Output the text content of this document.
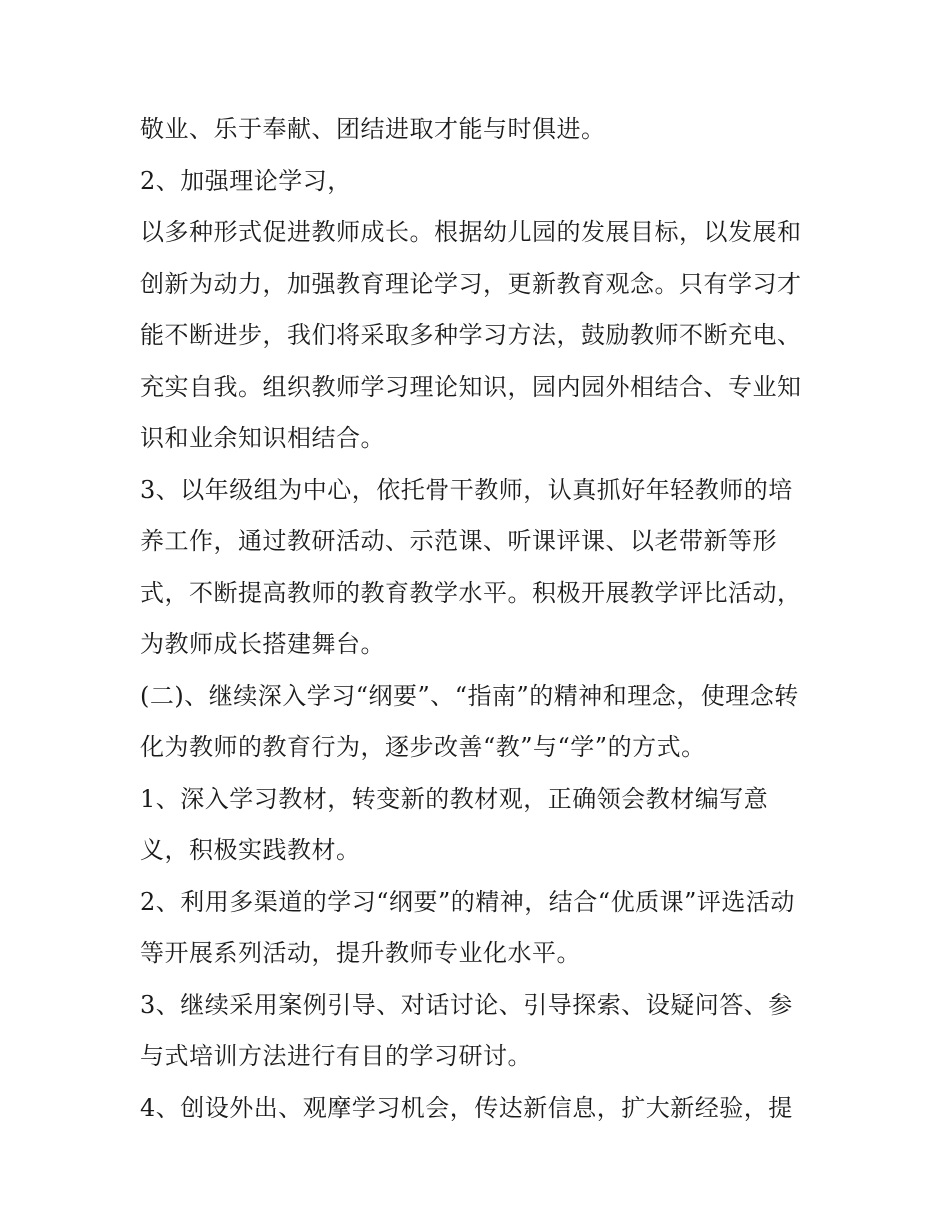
敬业、乐于奉献、团结进取才能与时俱进。
2、加强理论学习，
以多种形式促进教师成长。根据幼儿园的发展目标，以发展和
创新为动力，加强教育理论学习，更新教育观念。只有学习才
能不断进步，我们将采取多种学习方法，鼓励教师不断充电、
充实自我。组织教师学习理论知识，园内园外相结合、专业知
识和业余知识相结合。
3、以年级组为中心，依托骨干教师，认真抓好年轻教师的培
养工作，通过教研活动、示范课、听课评课、以老带新等形
式，不断提高教师的教育教学水平。积极开展教学评比活动，
为教师成长搭建舞台。
(二)、继续深入学习“纲要”、“指南”的精神和理念，使理念转
化为教师的教育行为，逐步改善“教”与“学”的方式。
1、深入学习教材，转变新的教材观，正确领会教材编写意
义，积极实践教材。
2、利用多渠道的学习“纲要”的精神，结合“优质课”评选活动
等开展系列活动，提升教师专业化水平。
3、继续采用案例引导、对话讨论、引导探索、设疑问答、参
与式培训方法进行有目的学习研讨。
4、创设外出、观摩学习机会，传达新信息，扩大新经验，提
